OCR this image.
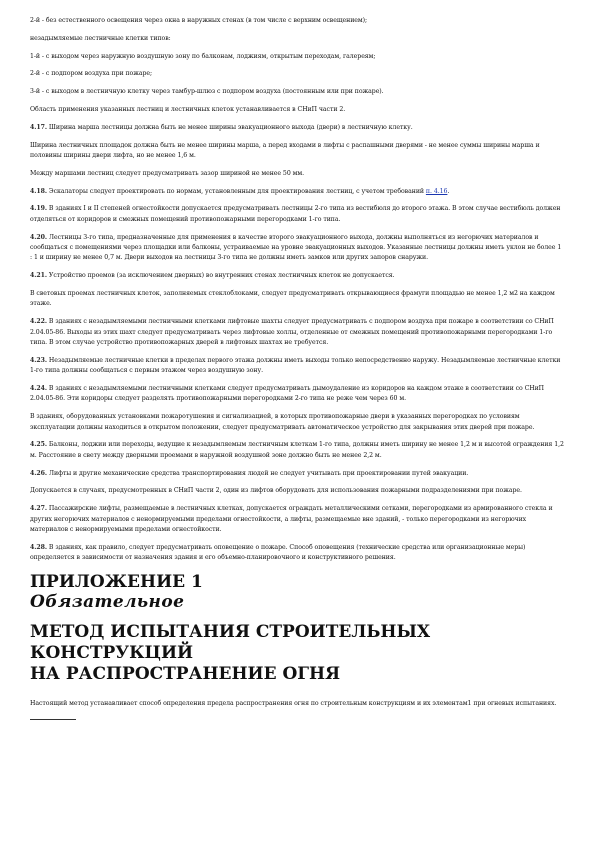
2-й - без естественного освещения через окна в наружных стенах (в том числе с верхним освещением);
незадымляемые лестничные клетки типов:
1-й - с выходом через наружную воздушную зону по балконам, лоджиям, открытым переходам, галереям;
2-й - с подпором воздуха при пожаре;
3-й - с выходом в лестничную клетку через тамбур-шлюз с подпором воздуха (постоянным или при пожаре).
Область применения указанных лестниц и лестничных клеток устанавливается в СНиП части 2.
4.17. Ширина марша лестницы должна быть не менее ширины эвакуационного выхода (двери) в лестничную клетку.
Ширина лестничных площадок должна быть не менее ширины марша, а перед входами в лифты с распашными дверями - не менее суммы ширины марша и половины ширины двери лифта, но не менее 1,6 м.
Между маршами лестниц следует предусматривать зазор шириной не менее 50 мм.
4.18. Эскалаторы следует проектировать по нормам, установленным для проектирования лестниц, с учетом требований п. 4.16.
4.19. В зданиях I и II степеней огнестойкости допускается предусматривать лестницы 2-го типа из вестибюля до второго этажа. В этом случае вестибюль должен отделяться от коридоров и смежных помещений противопожарными перегородками 1-го типа.
4.20. Лестницы 3-го типа, предназначенные для применения в качестве второго эвакуационного выхода, должны выполняться из негорючих материалов и сообщаться с помещениями через площадки или балконы, устраиваемые на уровне эвакуационных выходов. Указанные лестницы должны иметь уклон не более 1 : 1 и ширину не менее 0,7 м. Двери выходов на лестницы 3-го типа не должны иметь замков или других запоров снаружи.
4.21. Устройство проемов (за исключением дверных) во внутренних стенах лестничных клеток не допускается.
В световых проемах лестничных клеток, заполняемых стеклоблоками, следует предусматривать открывающиеся фрамуги площадью не менее 1,2 м2 на каждом этаже.
4.22. В зданиях с незадымляемыми лестничными клетками лифтовые шахты следует предусматривать с подпором воздуха при пожаре в соответствии со СНиП 2.04.05-86. Выходы из этих шахт следует предусматривать через лифтовые холлы, отделенные от смежных помещений противопожарными перегородками 1-го типа. В этом случае устройство противопожарных дверей в лифтовых шахтах не требуется.
4.23. Незадымляемые лестничные клетки в пределах первого этажа должны иметь выходы только непосредственно наружу. Незадымляемые лестничные клетки 1-го типа должны сообщаться с первым этажом через воздушную зону.
4.24. В зданиях с незадымляемыми лестничными клетками следует предусматривать дымоудаление из коридоров на каждом этаже в соответствии со СНиП 2.04.05-86. Эти коридоры следует разделять противопожарными перегородками 2-го типа не реже чем через 60 м.
В зданиях, оборудованных установками пожаротушения и сигнализацией, в которых противопожарные двери в указанных перегородках по условиям эксплуатации должны находиться в открытом положении, следует предусматривать автоматическое устройство для закрывания этих дверей при пожаре.
4.25. Балконы, лоджии или переходы, ведущие к незадымляемым лестничным клеткам 1-го типа, должны иметь ширину не менее 1,2 м и высотой ограждения 1,2 м. Расстояние в свету между дверными проемами в наружной воздушной зоне должно быть не менее 2,2 м.
4.26. Лифты и другие механические средства транспортирования людей не следует учитывать при проектировании путей эвакуации.
Допускается в случаях, предусмотренных в СНиП части 2, один из лифтов оборудовать для использования пожарными подразделениями при пожаре.
4.27. Пассажирские лифты, размещаемые в лестничных клетках, допускается ограждать металлическими сетками, перегородками из армированного стекла и других негорючих материалов с ненормируемыми пределами огнестойкости, а лифты, размещаемые вне зданий, - только перегородками из негорючих материалов с ненормируемыми пределами огнестойкости.
4.28. В зданиях, как правило, следует предусматривать оповещение о пожаре. Способ оповещения (технические средства или организационные меры) определяется в зависимости от назначения здания и его объемно-планировочного и конструктивного решения.
ПРИЛОЖЕНИЕ 1
Обязательное
МЕТОД ИСПЫТАНИЯ СТРОИТЕЛЬНЫХ КОНСТРУКЦИЙ
НА РАСПРОСТРАНЕНИЕ ОГНЯ
Настоящий метод устанавливает способ определения предела распространения огня по строительным конструкциям и их элементам1 при огневых испытаниях.
